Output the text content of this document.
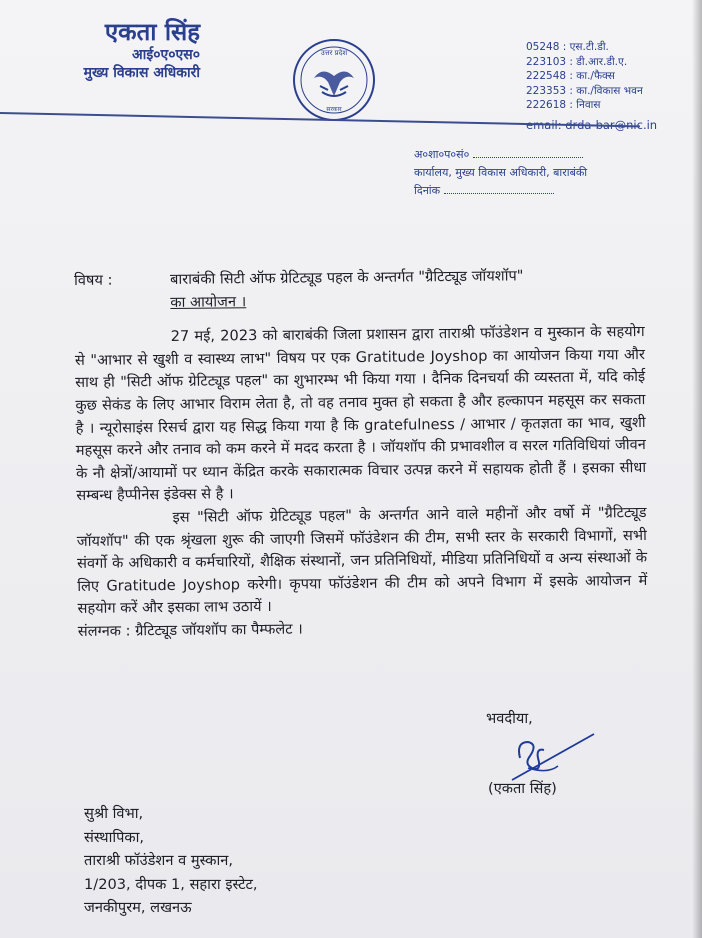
एकता सिंह
आई०ए०एस०
मुख्य विकास अधिकारी
उत्तर प्रदेश
सरकार
05248 : एस.टी.डी.
223103 : डी.आर.डी.ए.
222548 : का./फैक्स
223353 : का./विकास भवन
222618 : निवास
email: drda-bar@nic.in
अ०शा०प०सं०
कार्यालय, मुख्य विकास अधिकारी, बाराबंकी
दिनांक
विषय :	बाराबंकी सिटी ऑफ ग्रेटिट्यूड पहल के अन्तर्गत "ग्रैटिट्यूड जॉयशॉप"
का आयोजन ।
27 मई, 2023 को बाराबंकी जिला प्रशासन द्वारा ताराश्री फॉउंडेशन व मुस्कान के सहयोग से "आभार से खुशी व स्वास्थ्य लाभ" विषय पर एक Gratitude Joyshop का आयोजन किया गया और साथ ही "सिटी ऑफ ग्रेटिट्यूड पहल" का शुभारम्भ भी किया गया । दैनिक दिनचर्या की व्यस्तता में, यदि कोई कुछ सेकंड के लिए आभार विराम लेता है, तो वह तनाव मुक्त हो सकता है और हल्कापन महसूस कर सकता है । न्यूरोसाइंस रिसर्च द्वारा यह सिद्ध किया गया है कि gratefulness / आभार / कृतज्ञता का भाव, खुशी महसूस करने और तनाव को कम करने में मदद करता है । जॉयशॉप की प्रभावशील व सरल गतिविधियां जीवन के नौ क्षेत्रों/आयामों पर ध्यान केंद्रित करके सकारात्मक विचार उत्पन्न करने में सहायक होती हैं । इसका सीधा सम्बन्ध हैप्पीनेस इंडेक्स से है ।
इस "सिटी ऑफ ग्रेटिट्यूड पहल" के अन्तर्गत आने वाले महीनों और वर्षो में "ग्रैटिट्यूड जॉयशॉप" की एक श्रृंखला शुरू की जाएगी जिसमें फॉउंडेशन की टीम, सभी स्तर के सरकारी विभागों, सभी संवर्गो के अधिकारी व कर्मचारियों, शैक्षिक संस्थानों, जन प्रतिनिधियों, मीडिया प्रतिनिधियों व अन्य संस्थाओं के लिए Gratitude Joyshop करेगी। कृपया फॉउंडेशन की टीम को अपने विभाग में इसके आयोजन में सहयोग करें और इसका लाभ उठायें ।
संलग्नक : ग्रैटिट्यूड जॉयशॉप का पैम्फलेट ।
भवदीया,
(एकता सिंह)
सुश्री विभा,
संस्थापिका,
ताराश्री फॉउंडेशन व मुस्कान,
1/203, दीपक 1, सहारा इस्टेट,
जनकीपुरम, लखनऊ
